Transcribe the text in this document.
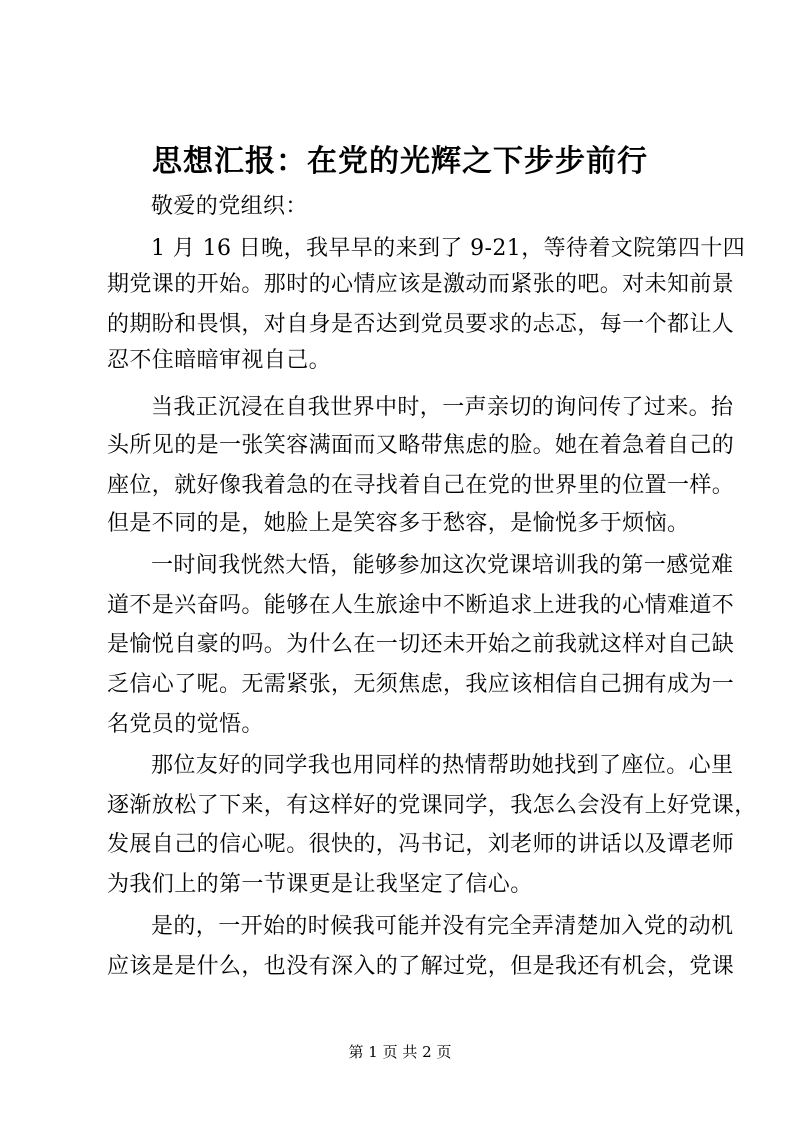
思想汇报：在党的光辉之下步步前行

敬爱的党组织：

1 月 16 日晚，我早早的来到了 9-21，等待着文院第四十四

期党课的开始。那时的心情应该是激动而紧张的吧。对未知前景

的期盼和畏惧，对自身是否达到党员要求的忐忑，每一个都让人

忍不住暗暗审视自己。

当我正沉浸在自我世界中时，一声亲切的询问传了过来。抬

头所见的是一张笑容满面而又略带焦虑的脸。她在着急着自己的

座位，就好像我着急的在寻找着自己在党的世界里的位置一样。

但是不同的是，她脸上是笑容多于愁容，是愉悦多于烦恼。

一时间我恍然大悟，能够参加这次党课培训我的第一感觉难

道不是兴奋吗。能够在人生旅途中不断追求上进我的心情难道不

是愉悦自豪的吗。为什么在一切还未开始之前我就这样对自己缺

乏信心了呢。无需紧张，无须焦虑，我应该相信自己拥有成为一

名党员的觉悟。

那位友好的同学我也用同样的热情帮助她找到了座位。心里

逐渐放松了下来，有这样好的党课同学，我怎么会没有上好党课，

发展自己的信心呢。很快的，冯书记，刘老师的讲话以及谭老师

为我们上的第一节课更是让我坚定了信心。

是的，一开始的时候我可能并没有完全弄清楚加入党的动机

应该是是什么，也没有深入的了解过党，但是我还有机会，党课

第 1 页 共 2 页
